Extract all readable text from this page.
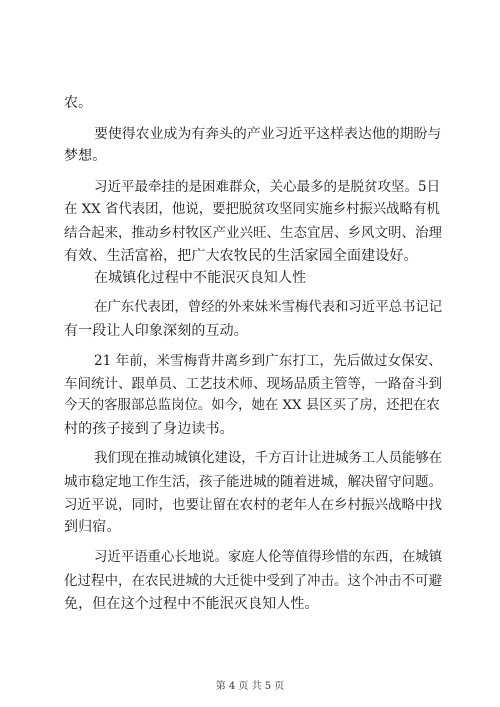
农。
要使得农业成为有奔头的产业习近平这样表达他的期盼与
梦想。
习近平最牵挂的是困难群众，关心最多的是脱贫攻坚。5日
在 XX 省代表团，他说，要把脱贫攻坚同实施乡村振兴战略有机
结合起来，推动乡村牧区产业兴旺、生态宜居、乡风文明、治理
有效、生活富裕，把广大农牧民的生活家园全面建设好。
在城镇化过程中不能泯灭良知人性
在广东代表团，曾经的外来妹米雪梅代表和习近平总书记记
有一段让人印象深刻的互动。
21 年前，米雪梅背井离乡到广东打工，先后做过女保安、
车间统计、跟单员、工艺技术师、现场品质主管等，一路奋斗到
今天的客服部总监岗位。如今，她在 XX 县区买了房，还把在农
村的孩子接到了身边读书。
我们现在推动城镇化建设，千方百计让进城务工人员能够在
城市稳定地工作生活，孩子能进城的随着进城，解决留守问题。
习近平说，同时，也要让留在农村的老年人在乡村振兴战略中找
到归宿。
习近平语重心长地说。家庭人伦等值得珍惜的东西，在城镇
化过程中，在农民进城的大迁徙中受到了冲击。这个冲击不可避
免，但在这个过程中不能泯灭良知人性。
第 4 页 共 5 页
